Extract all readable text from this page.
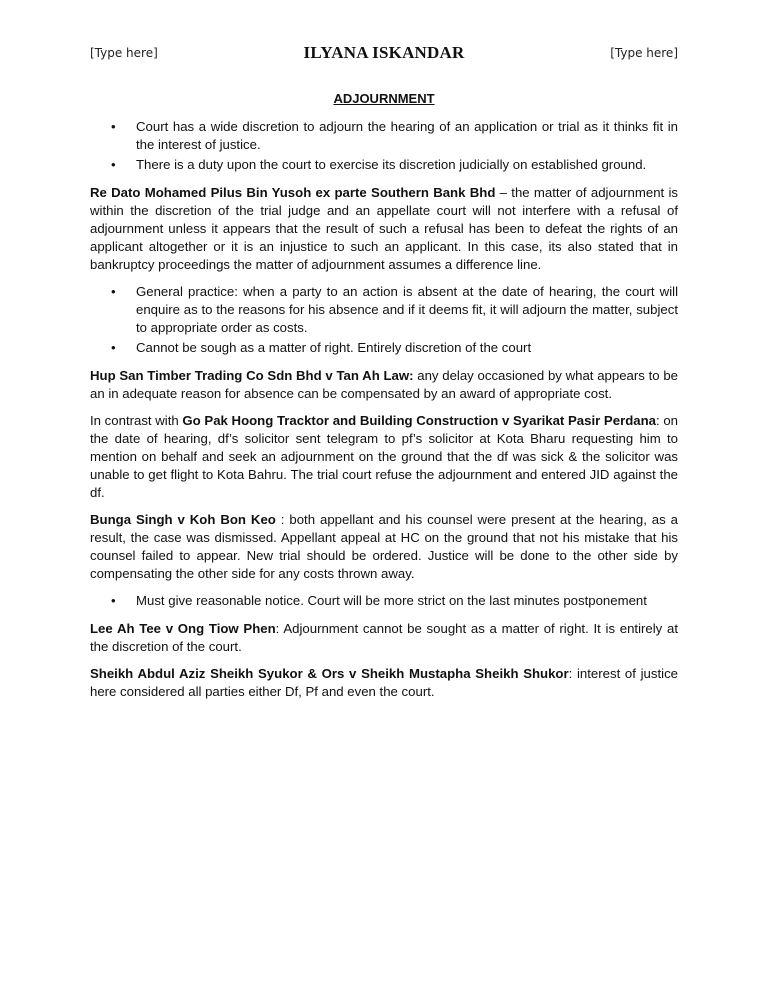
[Type here]	ILYANA ISKANDAR	[Type here]
ADJOURNMENT
• Court has a wide discretion to adjourn the hearing of an application or trial as it thinks fit in the interest of justice.
• There is a duty upon the court to exercise its discretion judicially on established ground.

Re Dato Mohamed Pilus Bin Yusoh ex parte Southern Bank Bhd – the matter of adjournment is within the discretion of the trial judge and an appellate court will not interfere with a refusal of adjournment unless it appears that the result of such a refusal has been to defeat the rights of an applicant altogether or it is an injustice to such an applicant. In this case, its also stated that in bankruptcy proceedings the matter of adjournment assumes a difference line.

• General practice: when a party to an action is absent at the date of hearing, the court will enquire as to the reasons for his absence and if it deems fit, it will adjourn the matter, subject to appropriate order as costs.
• Cannot be sough as a matter of right. Entirely discretion of the court

Hup San Timber Trading Co Sdn Bhd v Tan Ah Law: any delay occasioned by what appears to be an in adequate reason for absence can be compensated by an award of appropriate cost.

In contrast with Go Pak Hoong Tracktor and Building Construction v Syarikat Pasir Perdana: on the date of hearing, df’s solicitor sent telegram to pf’s solicitor at Kota Bharu requesting him to mention on behalf and seek an adjournment on the ground that the df was sick & the solicitor was unable to get flight to Kota Bahru. The trial court refuse the adjournment and entered JID against the df.

Bunga Singh v Koh Bon Keo : both appellant and his counsel were present at the hearing, as a result, the case was dismissed. Appellant appeal at HC on the ground that not his mistake that his counsel failed to appear. New trial should be ordered. Justice will be done to the other side by compensating the other side for any costs thrown away.

• Must give reasonable notice. Court will be more strict on the last minutes postponement

Lee Ah Tee v Ong Tiow Phen: Adjournment cannot be sought as a matter of right. It is entirely at the discretion of the court.

Sheikh Abdul Aziz Sheikh Syukor & Ors v Sheikh Mustapha Sheikh Shukor: interest of justice here considered all parties either Df, Pf and even the court.
